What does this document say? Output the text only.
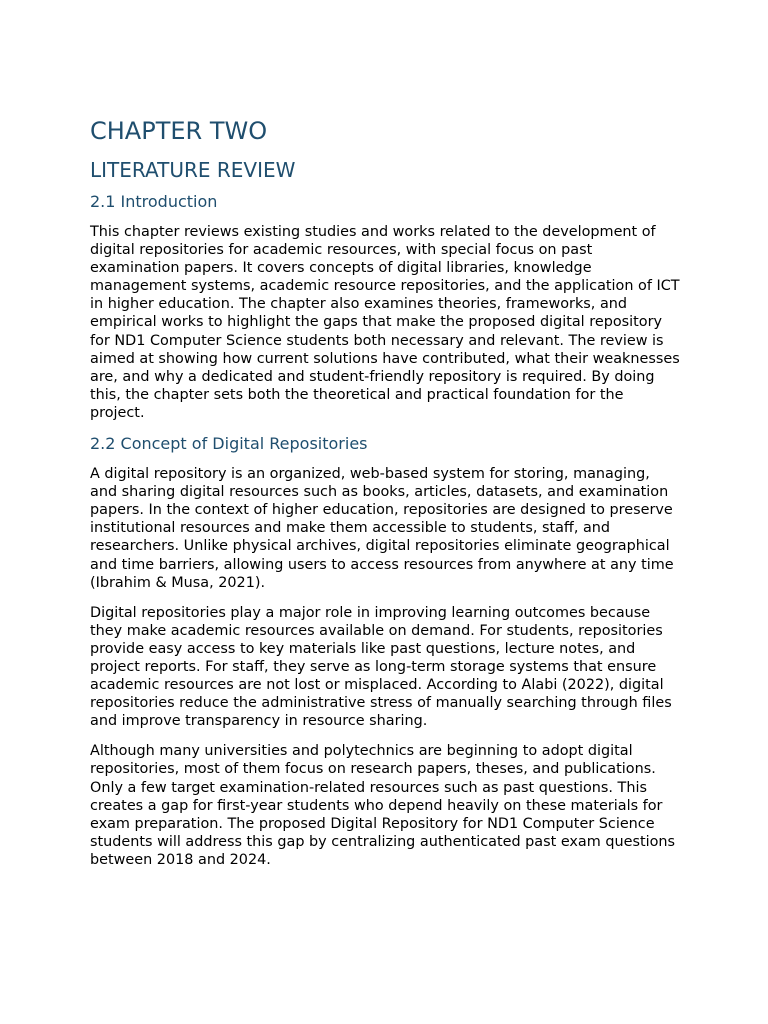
CHAPTER TWO
LITERATURE REVIEW
2.1 Introduction

This chapter reviews existing studies and works related to the development of digital repositories for academic resources, with special focus on past examination papers. It covers concepts of digital libraries, knowledge management systems, academic resource repositories, and the application of ICT in higher education. The chapter also examines theories, frameworks, and empirical works to highlight the gaps that make the proposed digital repository for ND1 Computer Science students both necessary and relevant. The review is aimed at showing how current solutions have contributed, what their weaknesses are, and why a dedicated and student-friendly repository is required. By doing this, the chapter sets both the theoretical and practical foundation for the project.

2.2 Concept of Digital Repositories

A digital repository is an organized, web-based system for storing, managing, and sharing digital resources such as books, articles, datasets, and examination papers. In the context of higher education, repositories are designed to preserve institutional resources and make them accessible to students, staff, and researchers. Unlike physical archives, digital repositories eliminate geographical and time barriers, allowing users to access resources from anywhere at any time (Ibrahim & Musa, 2021).

Digital repositories play a major role in improving learning outcomes because they make academic resources available on demand. For students, repositories provide easy access to key materials like past questions, lecture notes, and project reports. For staff, they serve as long-term storage systems that ensure academic resources are not lost or misplaced. According to Alabi (2022), digital repositories reduce the administrative stress of manually searching through files and improve transparency in resource sharing.

Although many universities and polytechnics are beginning to adopt digital repositories, most of them focus on research papers, theses, and publications. Only a few target examination-related resources such as past questions. This creates a gap for first-year students who depend heavily on these materials for exam preparation. The proposed Digital Repository for ND1 Computer Science students will address this gap by centralizing authenticated past exam questions between 2018 and 2024.
